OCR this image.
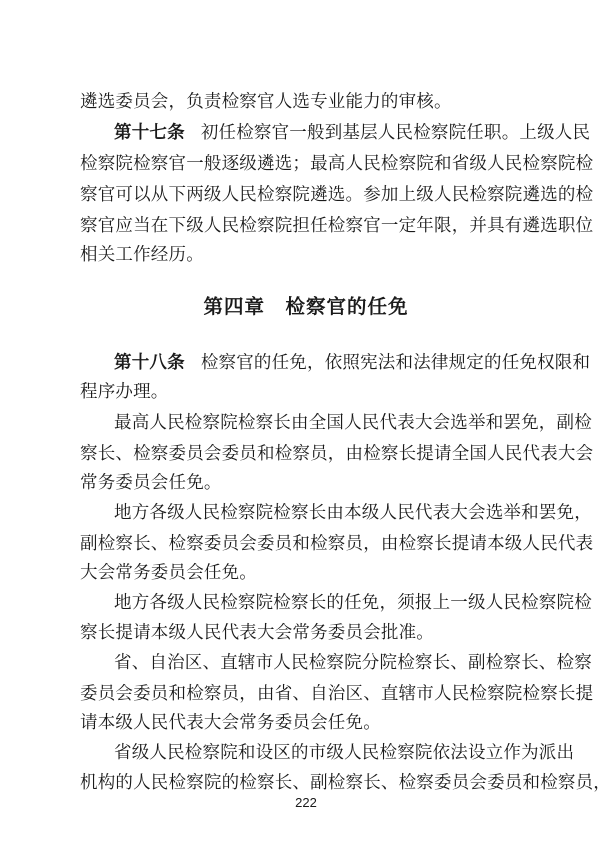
遴选委员会，负责检察官人选专业能力的审核。
第十七条 初任检察官一般到基层人民检察院任职。上级人民
检察院检察官一般逐级遴选；最高人民检察院和省级人民检察院检
察官可以从下两级人民检察院遴选。参加上级人民检察院遴选的检
察官应当在下级人民检察院担任检察官一定年限，并具有遴选职位
相关工作经历。
第四章　检察官的任免
第十八条 检察官的任免，依照宪法和法律规定的任免权限和
程序办理。
最高人民检察院检察长由全国人民代表大会选举和罢免，副检
察长、检察委员会委员和检察员，由检察长提请全国人民代表大会
常务委员会任免。
地方各级人民检察院检察长由本级人民代表大会选举和罢免，
副检察长、检察委员会委员和检察员，由检察长提请本级人民代表
大会常务委员会任免。
地方各级人民检察院检察长的任免，须报上一级人民检察院检
察长提请本级人民代表大会常务委员会批准。
省、自治区、直辖市人民检察院分院检察长、副检察长、检察
委员会委员和检察员，由省、自治区、直辖市人民检察院检察长提
请本级人民代表大会常务委员会任免。
省级人民检察院和设区的市级人民检察院依法设立作为派出
机构的人民检察院的检察长、副检察长、检察委员会委员和检察员，
222
